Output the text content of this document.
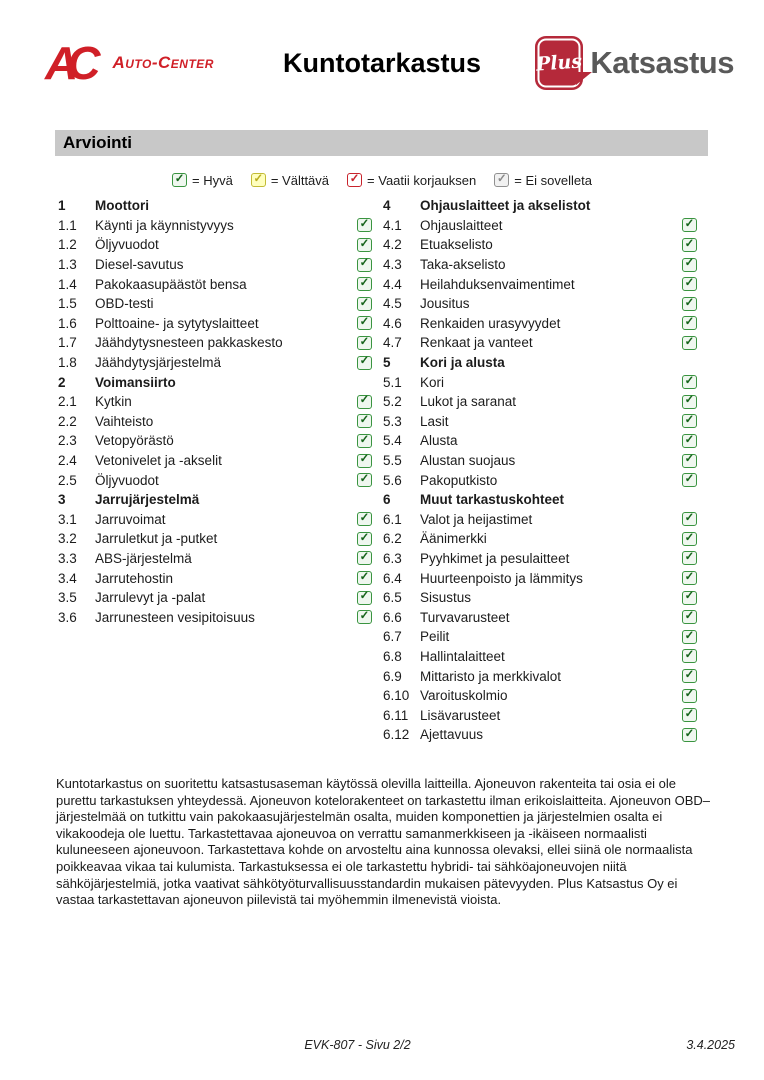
AC	Auto-Center	Kuntotarkastus	Plus Katsastus
Arviointi
✓ = Hyvä ✓ = Välttävä ✓ = Vaatii korjauksen ✓ = Ei sovelleta
1	Moottori
1.1	Käynti ja käynnistyvyys	✓
1.2	Öljyvuodot	✓
1.3	Diesel-savutus	✓
1.4	Pakokaasupäästöt bensa	✓
1.5	OBD-testi	✓
1.6	Polttoaine- ja sytytyslaitteet	✓
1.7	Jäähdytysnesteen pakkaskesto	✓
1.8	Jäähdytysjärjestelmä	✓
2	Voimansiirto
2.1	Kytkin	✓
2.2	Vaihteisto	✓
2.3	Vetopyörästö	✓
2.4	Vetonivelet ja -akselit	✓
2.5	Öljyvuodot	✓
3	Jarrujärjestelmä
3.1	Jarruvoimat	✓
3.2	Jarruletkut ja -putket	✓
3.3	ABS-järjestelmä	✓
3.4	Jarrutehostin	✓
3.5	Jarrulevyt ja -palat	✓
3.6	Jarrunesteen vesipitoisuus	✓
4	Ohjauslaitteet ja akselistot
4.1	Ohjauslaitteet	✓
4.2	Etuakselisto	✓
4.3	Taka-akselisto	✓
4.4	Heilahduksenvaimentimet	✓
4.5	Jousitus	✓
4.6	Renkaiden urasyvyydet	✓
4.7	Renkaat ja vanteet	✓
5	Kori ja alusta
5.1	Kori	✓
5.2	Lukot ja saranat	✓
5.3	Lasit	✓
5.4	Alusta	✓
5.5	Alustan suojaus	✓
5.6	Pakoputkisto	✓
6	Muut tarkastuskohteet
6.1	Valot ja heijastimet	✓
6.2	Äänimerkki	✓
6.3	Pyyhkimet ja pesulaitteet	✓
6.4	Huurteenpoisto ja lämmitys	✓
6.5	Sisustus	✓
6.6	Turvavarusteet	✓
6.7	Peilit	✓
6.8	Hallintalaitteet	✓
6.9	Mittaristo ja merkkivalot	✓
6.10 Varoituskolmio	✓
6.11 Lisävarusteet	✓
6.12 Ajettavuus	✓

Kuntotarkastus on suoritettu katsastusaseman käytössä olevilla laitteilla. Ajoneuvon rakenteita tai osia ei ole purettu tarkastuksen yhteydessä. Ajoneuvon kotelorakenteet on tarkastettu ilman erikoislaitteita. Ajoneuvon OBD–järjestelmää on tutkittu vain pakokaasujärjestelmän osalta, muiden komponettien ja järjestelmien osalta ei vikakoodeja ole luettu. Tarkastettavaa ajoneuvoa on verrattu samanmerkkiseen ja -ikäiseen normaalisti kuluneeseen ajoneuvoon. Tarkastettava kohde on arvosteltu aina kunnossa olevaksi, ellei siinä ole normaalista poikkeavaa vikaa tai kulumista. Tarkastuksessa ei ole tarkastettu hybridi- tai sähköajoneuvojen niitä sähköjärjestelmiä, jotka vaativat sähkötyöturvallisuusstandardin mukaisen pätevyyden. Plus Katsastus Oy ei vastaa tarkastettavan ajoneuvon piilevistä tai myöhemmin ilmenevistä vioista.

EVK-807 - Sivu 2/2	3.4.2025
